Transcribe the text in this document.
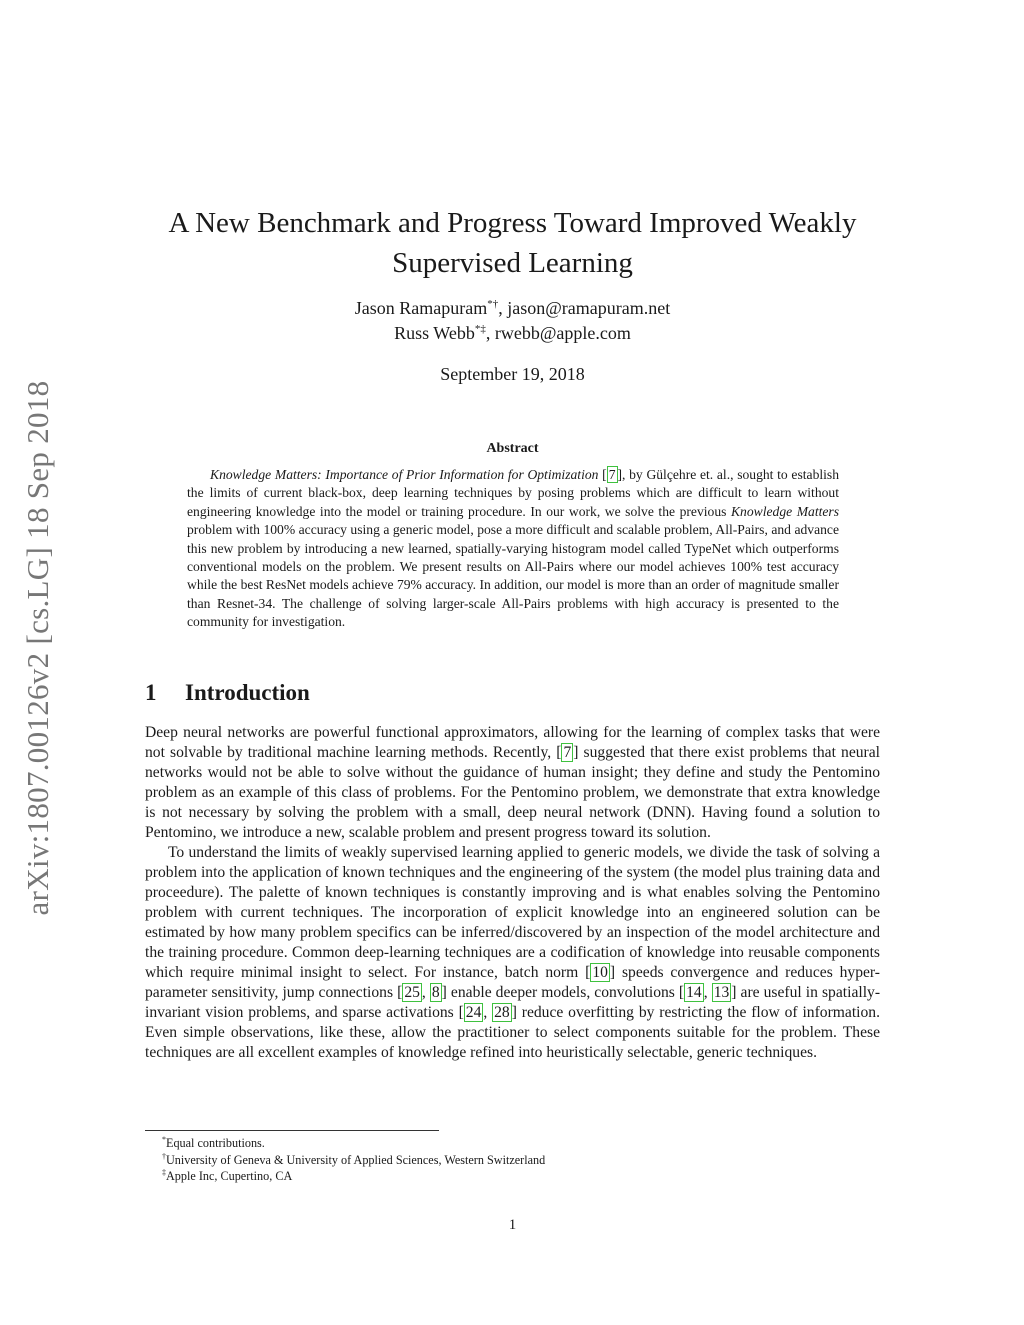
arXiv:1807.00126v2 [cs.LG] 18 Sep 2018
A New Benchmark and Progress Toward Improved Weakly Supervised Learning
Jason Ramapuram*†, jason@ramapuram.net
Russ Webb*‡, rwebb@apple.com
September 19, 2018
Abstract
Knowledge Matters: Importance of Prior Information for Optimization [ 7 ], by Gülçehre et. al., sought to establish the limits of current black-box, deep learning techniques by posing problems which are difficult to learn without engineering knowledge into the model or training procedure. In our work, we solve the previous Knowledge Matters problem with 100% accuracy using a generic model, pose a more difficult and scalable problem, All-Pairs, and advance this new problem by introducing a new learned, spatially-varying histogram model called TypeNet which outperforms conventional models on the problem. We present results on All-Pairs where our model achieves 100% test accuracy while the best ResNet models achieve 79% accuracy. In addition, our model is more than an order of magnitude smaller than Resnet-34. The challenge of solving larger-scale All-Pairs problems with high accuracy is presented to the community for investigation.
1 Introduction

Deep neural networks are powerful functional approximators, allowing for the learning of complex tasks that were not solvable by traditional machine learning methods. Recently, [ 7 ] suggested that there exist problems that neural networks would not be able to solve without the guidance of human insight; they define and study the Pentomino problem as an example of this class of problems. For the Pentomino problem, we demonstrate that extra knowledge is not necessary by solving the problem with a small, deep neural network (DNN). Having found a solution to Pentomino, we introduce a new, scalable problem and present progress toward its solution.

To understand the limits of weakly supervised learning applied to generic models, we divide the task of solving a problem into the application of known techniques and the engineering of the system (the model plus training data and proceedure). The palette of known techniques is constantly improving and is what enables solving the Pentomino problem with current techniques. The incorporation of explicit knowledge into an engineered solution can be estimated by how many problem specifics can be inferred/discovered by an inspection of the model architecture and the training procedure. Common deep-learning techniques are a codification of knowledge into reusable components which require minimal insight to select. For instance, batch norm [ 10 ] speeds convergence and reduces hyper-parameter sensitivity, jump connections [ 25 , 8 ] enable deeper models, convolutions [ 14 , 13 ] are useful in spatially-invariant vision problems, and sparse activations [ 24 , 28 ] reduce overfitting by restricting the flow of information. Even simple observations, like these, allow the practitioner to select components suitable for the problem. These techniques are all excellent examples of knowledge refined into heuristically selectable, generic techniques.

*Equal contributions.
†University of Geneva & University of Applied Sciences, Western Switzerland
‡Apple Inc, Cupertino, CA
1
